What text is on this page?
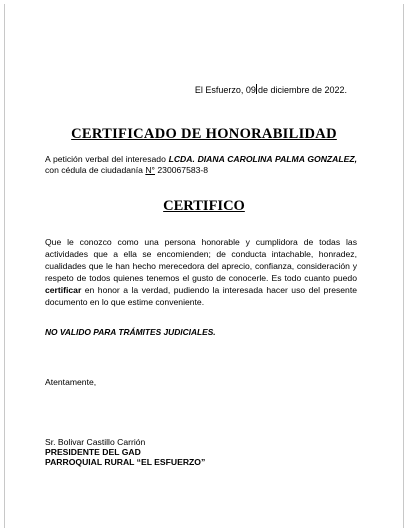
El Esfuerzo, 09 de diciembre de 2022.
CERTIFICADO DE HONORABILIDAD
A petición verbal del interesado LCDA. DIANA CAROLINA PALMA GONZALEZ, con cédula de ciudadanía N° 230067583-8
CERTIFICO
Que le conozco como una persona honorable y cumplidora de todas las actividades que a ella se encomienden; de conducta intachable, honradez, cualidades que le han hecho merecedora del aprecio, confianza, consideración y respeto de todos quienes tenemos el gusto de conocerle. Es todo cuanto puedo certificar en honor a la verdad, pudiendo la interesada hacer uso del presente documento en lo que estime conveniente.
NO VALIDO PARA TRÁMITES JUDICIALES.
Atentamente,
Sr. Bolivar Castillo Carrión
PRESIDENTE DEL GAD
PARROQUIAL RURAL “EL ESFUERZO”
